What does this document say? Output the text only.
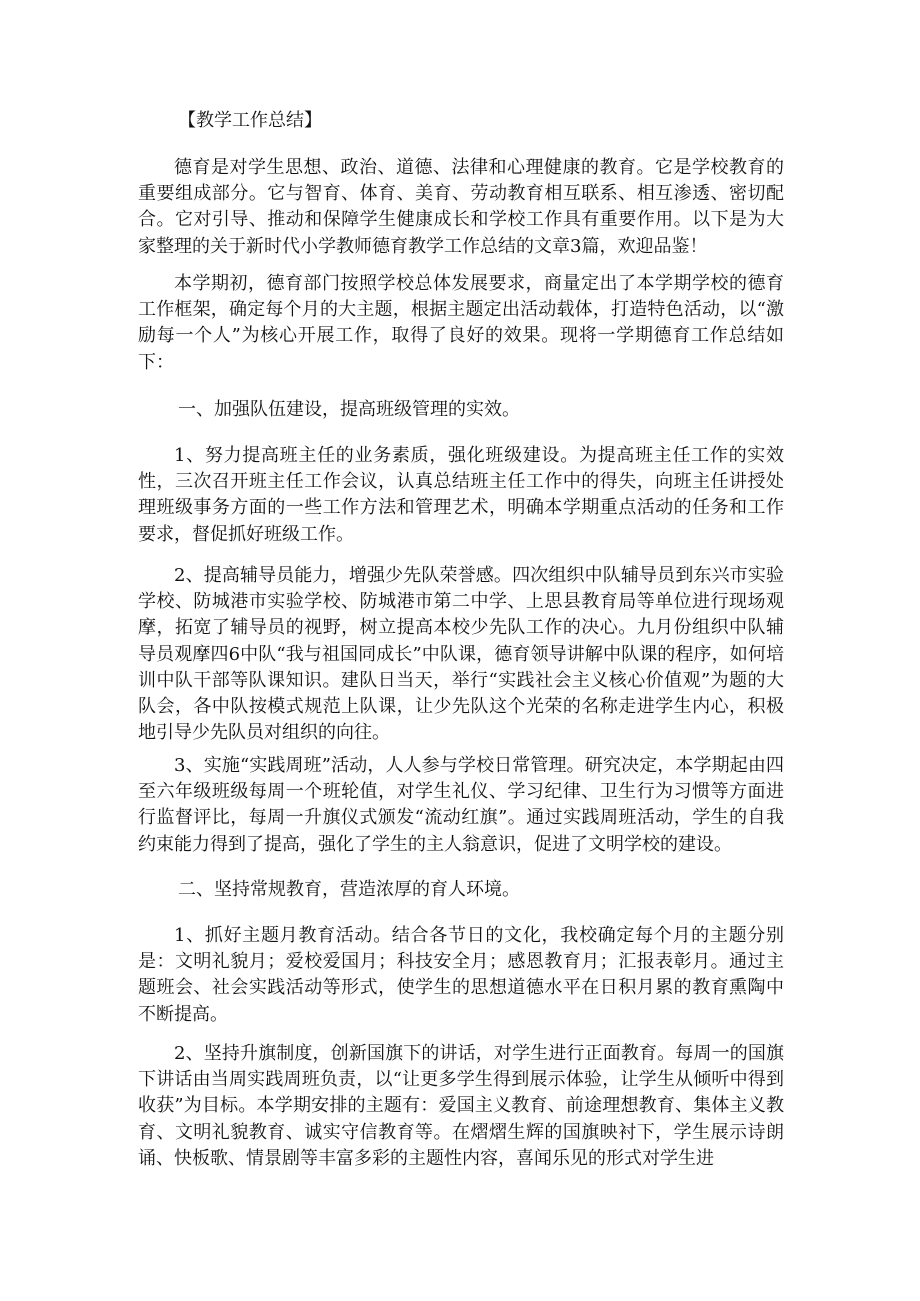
【教学工作总结】

德育是对学生思想、政治、道德、法律和心理健康的教育。它是学校教育的重要组成部分。它与智育、体育、美育、劳动教育相互联系、相互渗透、密切配合。它对引导、推动和保障学生健康成长和学校工作具有重要作用。以下是为大家整理的关于新时代小学教师德育教学工作总结的文章3篇，欢迎品鉴！

本学期初，德育部门按照学校总体发展要求，商量定出了本学期学校的德育工作框架，确定每个月的大主题，根据主题定出活动载体，打造特色活动，以“激励每一个人”为核心开展工作，取得了良好的效果。现将一学期德育工作总结如下：

一、加强队伍建设，提高班级管理的实效。

1、努力提高班主任的业务素质，强化班级建设。为提高班主任工作的实效性，三次召开班主任工作会议，认真总结班主任工作中的得失，向班主任讲授处理班级事务方面的一些工作方法和管理艺术，明确本学期重点活动的任务和工作要求，督促抓好班级工作。

2、提高辅导员能力，增强少先队荣誉感。四次组织中队辅导员到东兴市实验学校、防城港市实验学校、防城港市第二中学、上思县教育局等单位进行现场观摩，拓宽了辅导员的视野，树立提高本校少先队工作的决心。九月份组织中队辅导员观摩四6中队“我与祖国同成长”中队课，德育领导讲解中队课的程序，如何培训中队干部等队课知识。建队日当天，举行“实践社会主义核心价值观”为题的大队会，各中队按模式规范上队课，让少先队这个光荣的名称走进学生内心，积极地引导少先队员对组织的向往。

3、实施“实践周班”活动，人人参与学校日常管理。研究决定，本学期起由四至六年级班级每周一个班轮值，对学生礼仪、学习纪律、卫生行为习惯等方面进行监督评比，每周一升旗仪式颁发“流动红旗”。通过实践周班活动，学生的自我约束能力得到了提高，强化了学生的主人翁意识，促进了文明学校的建设。

二、坚持常规教育，营造浓厚的育人环境。

1、抓好主题月教育活动。结合各节日的文化，我校确定每个月的主题分别是：文明礼貌月；爱校爱国月；科技安全月；感恩教育月；汇报表彰月。通过主题班会、社会实践活动等形式，使学生的思想道德水平在日积月累的教育熏陶中不断提高。

2、坚持升旗制度，创新国旗下的讲话，对学生进行正面教育。每周一的国旗下讲话由当周实践周班负责，以“让更多学生得到展示体验，让学生从倾听中得到收获”为目标。本学期安排的主题有：爱国主义教育、前途理想教育、集体主义教育、文明礼貌教育、诚实守信教育等。在熠熠生辉的国旗映衬下，学生展示诗朗诵、快板歌、情景剧等丰富多彩的主题性内容，喜闻乐见的形式对学生进
